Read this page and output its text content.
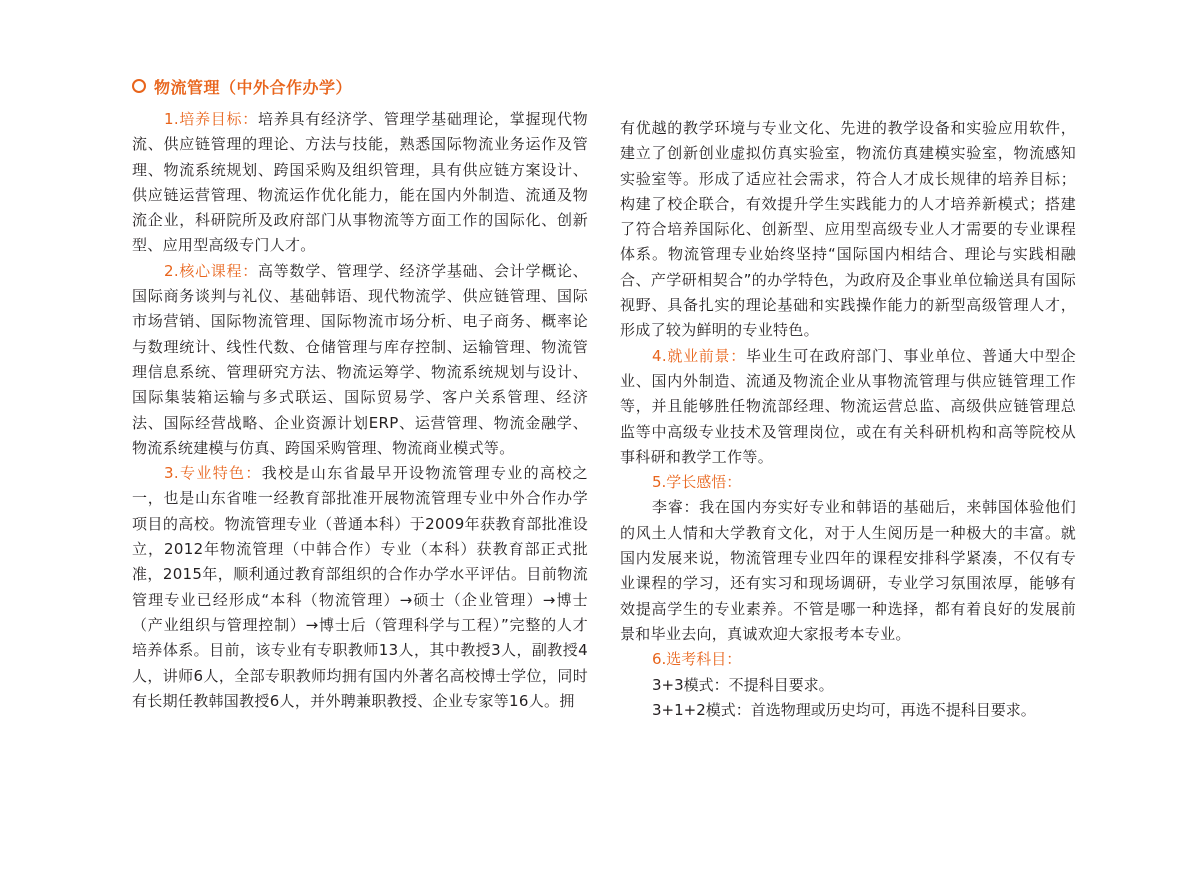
物流管理（中外合作办学）

1.培养目标：培养具有经济学、管理学基础理论，掌握现代物流、供应链管理的理论、方法与技能，熟悉国际物流业务运作及管理、物流系统规划、跨国采购及组织管理，具有供应链方案设计、供应链运营管理、物流运作优化能力，能在国内外制造、流通及物流企业，科研院所及政府部门从事物流等方面工作的国际化、创新型、应用型高级专门人才。

2.核心课程：高等数学、管理学、经济学基础、会计学概论、国际商务谈判与礼仪、基础韩语、现代物流学、供应链管理、国际市场营销、国际物流管理、国际物流市场分析、电子商务、概率论与数理统计、线性代数、仓储管理与库存控制、运输管理、物流管理信息系统、管理研究方法、物流运筹学、物流系统规划与设计、国际集装箱运输与多式联运、国际贸易学、客户关系管理、经济法、国际经营战略、企业资源计划ERP、运营管理、物流金融学、物流系统建模与仿真、跨国采购管理、物流商业模式等。

3.专业特色：我校是山东省最早开设物流管理专业的高校之一，也是山东省唯一经教育部批准开展物流管理专业中外合作办学项目的高校。物流管理专业（普通本科）于2009年获教育部批准设立，2012年物流管理（中韩合作）专业（本科）获教育部正式批准，2015年，顺利通过教育部组织的合作办学水平评估。目前物流管理专业已经形成“本科（物流管理）→硕士（企业管理）→博士（产业组织与管理控制）→博士后（管理科学与工程）”完整的人才培养体系。目前，该专业有专职教师13人，其中教授3人，副教授4人，讲师6人，全部专职教师均拥有国内外著名高校博士学位，同时有长期任教韩国教授6人，并外聘兼职教授、企业专家等16人。拥

有优越的教学环境与专业文化、先进的教学设备和实验应用软件，建立了创新创业虚拟仿真实验室，物流仿真建模实验室，物流感知实验室等。形成了适应社会需求，符合人才成长规律的培养目标；构建了校企联合，有效提升学生实践能力的人才培养新模式；搭建了符合培养国际化、创新型、应用型高级专业人才需要的专业课程体系。物流管理专业始终坚持“国际国内相结合、理论与实践相融合、产学研相契合”的办学特色，为政府及企事业单位输送具有国际视野、具备扎实的理论基础和实践操作能力的新型高级管理人才，形成了较为鲜明的专业特色。

4.就业前景：毕业生可在政府部门、事业单位、普通大中型企业、国内外制造、流通及物流企业从事物流管理与供应链管理工作等，并且能够胜任物流部经理、物流运营总监、高级供应链管理总监等中高级专业技术及管理岗位，或在有关科研机构和高等院校从事科研和教学工作等。

5.学长感悟：

李睿：我在国内夯实好专业和韩语的基础后，来韩国体验他们的风土人情和大学教育文化，对于人生阅历是一种极大的丰富。就国内发展来说，物流管理专业四年的课程安排科学紧凑，不仅有专业课程的学习，还有实习和现场调研，专业学习氛围浓厚，能够有效提高学生的专业素养。不管是哪一种选择，都有着良好的发展前景和毕业去向，真诚欢迎大家报考本专业。

6.选考科目：

3+3模式：不提科目要求。

3+1+2模式：首选物理或历史均可，再选不提科目要求。
